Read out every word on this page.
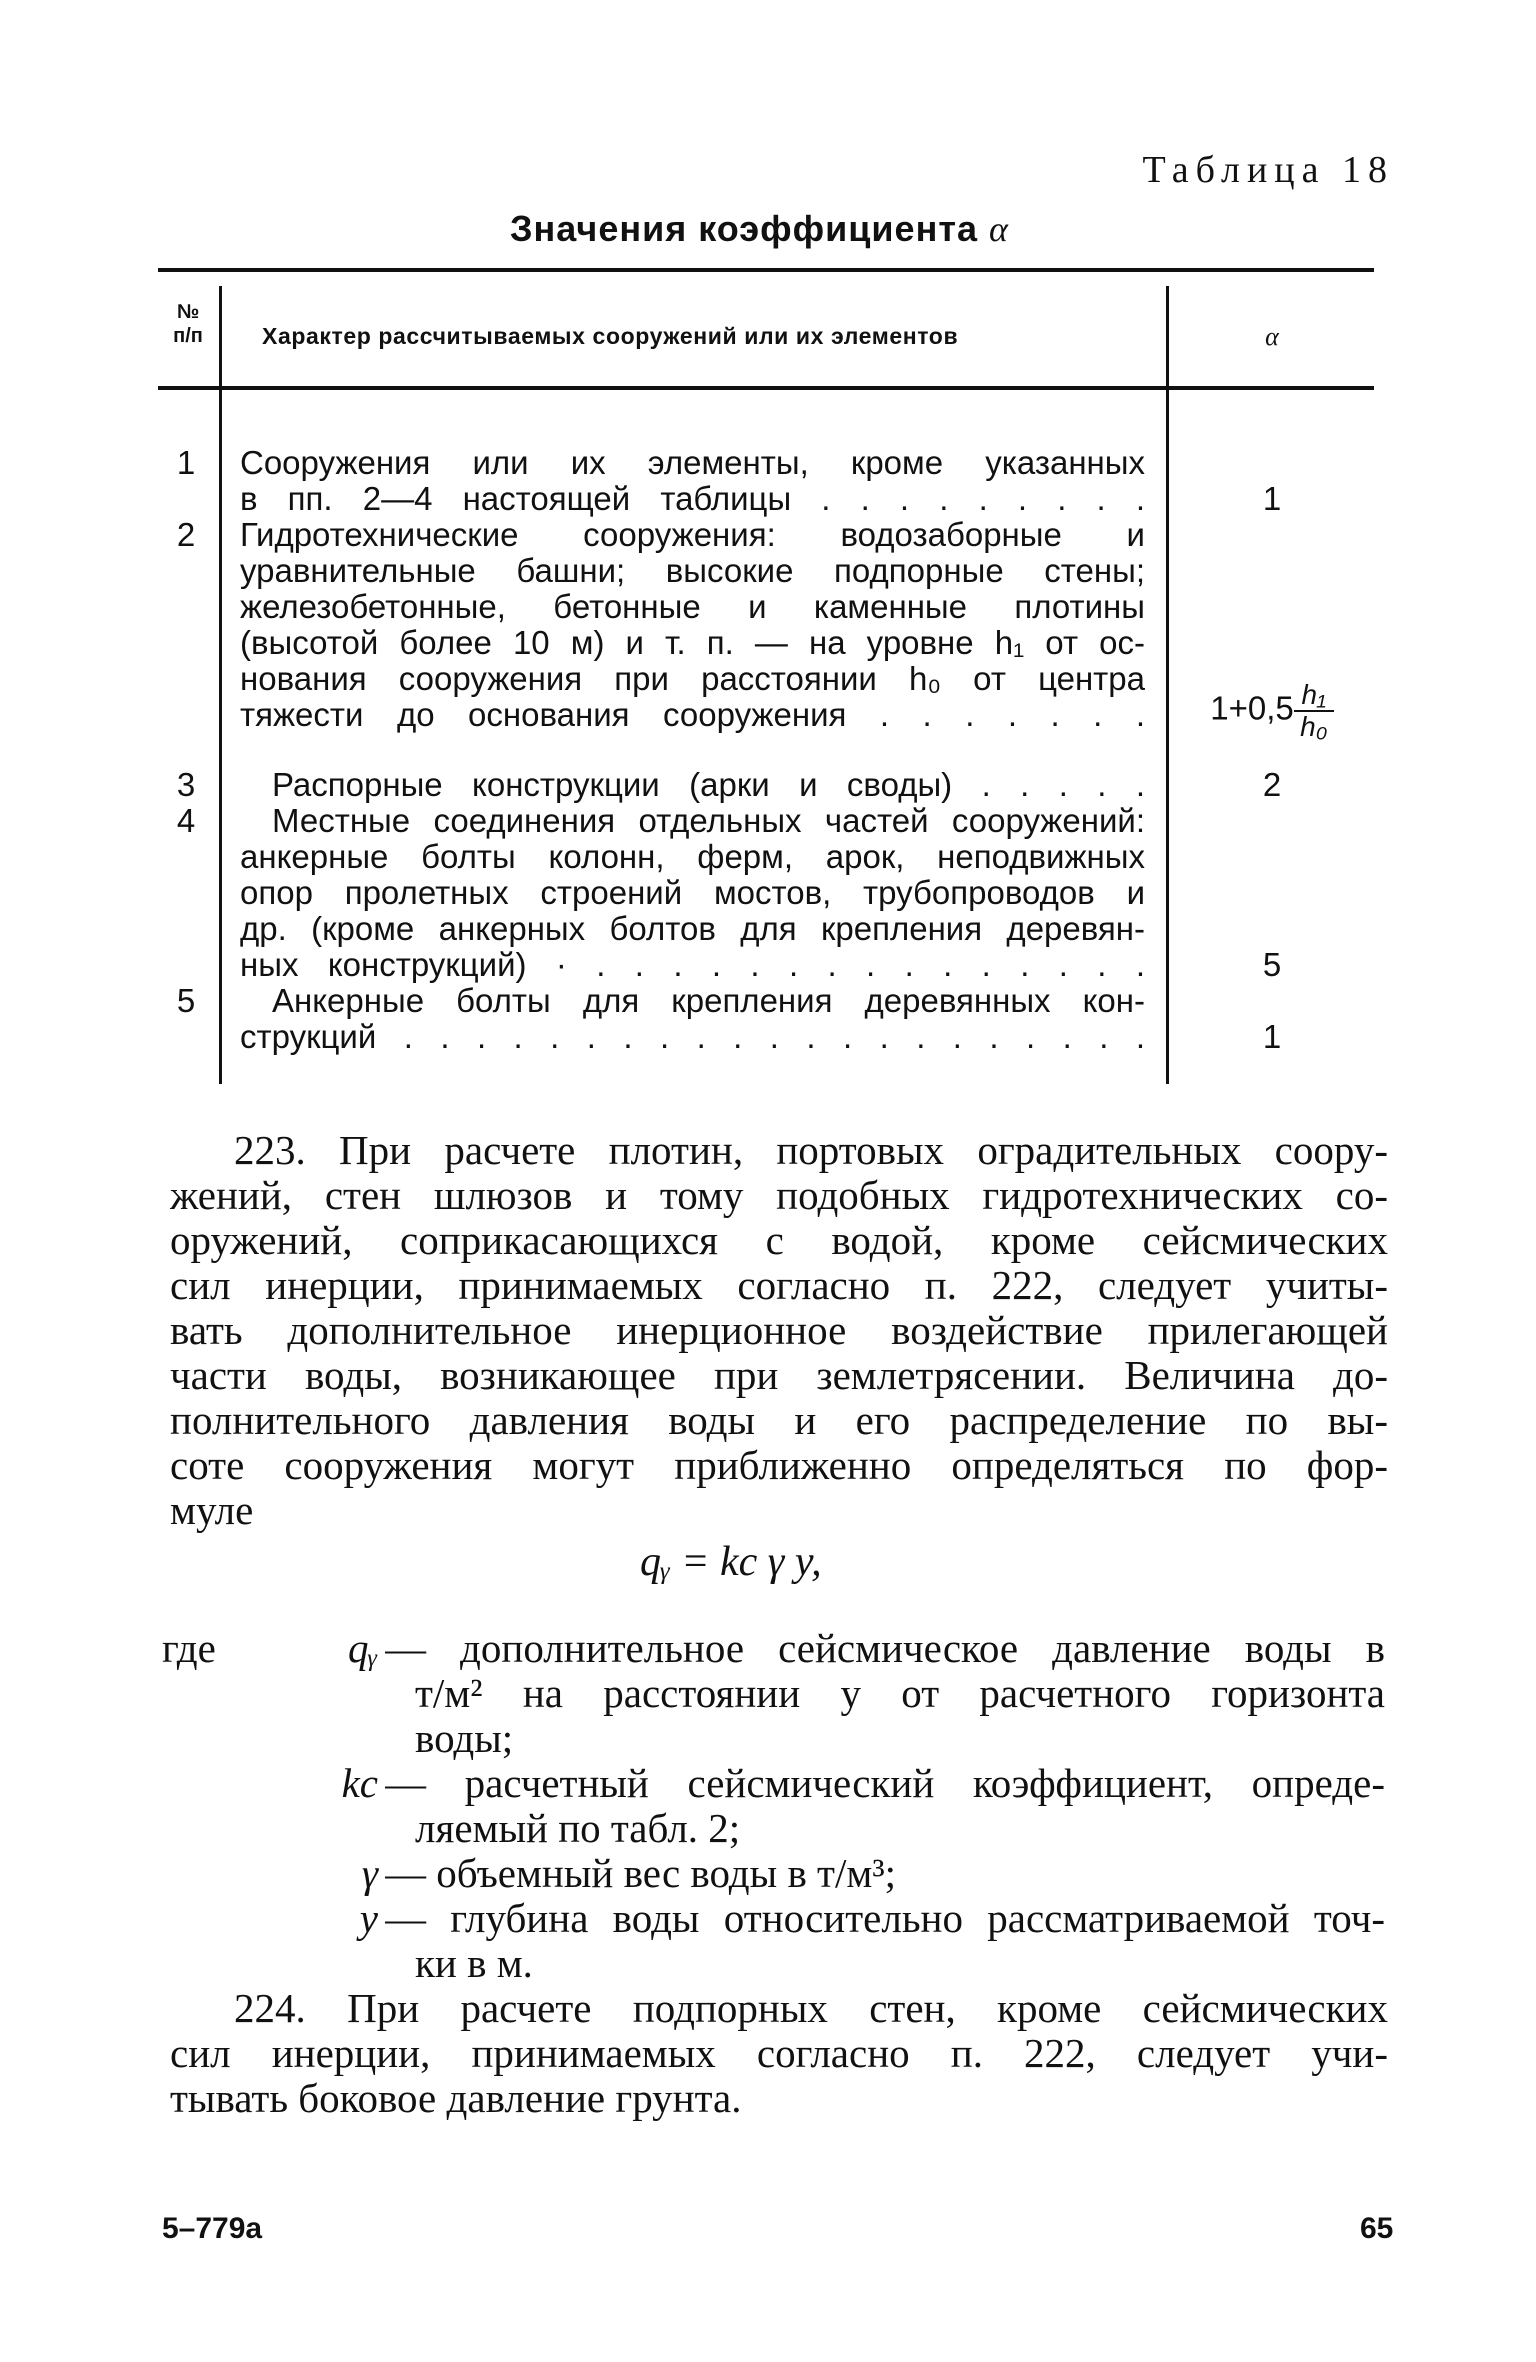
Таблица 18
Значения коэффициента α
№
п/п	Характер рассчитываемых сооружений или их элементов	α
1	Сооружения или их элементы, кроме указанных
в пп. 2—4 настоящей таблицы . . . . . . . . .	1
2	Гидротехнические сооружения: водозаборные и
уравнительные башни; высокие подпорные стены;
железобетонные, бетонные и каменные плотины
(высотой более 10 м) и т. п. — на уровне h₁ от ос-
нования сооружения при расстоянии h₀ от центра
тяжести до основания сооружения . . . . . . .	$1+0,5 \frac{\text{h₁}}{\text{h₀}}$
3	Распорные конструкции (арки и своды) . . . . .	2
4	Местные соединения отдельных частей сооружений:
анкерные болты колонн, ферм, арок, неподвижных
опор пролетных строений мостов, трубопроводов и
др. (кроме анкерных болтов для крепления деревян-
ных конструкций) · . . . . . . . . . . . . . . .	5
5	Анкерные болты для крепления деревянных кон-
струкций . . . . . . . . . . . . . . . . . . . . .	1
223. При расчете плотин, портовых оградительных соору-
жений, стен шлюзов и тому подобных гидротехнических со-
оружений, соприкасающихся с водой, кроме сейсмических
сил инерции, принимаемых согласно п. 222, следует учиты-
вать дополнительное инерционное воздействие прилегающей
части воды, возникающее при землетрясении. Величина до-
полнительного давления воды и его распределение по вы-
соте сооружения могут приближенно определяться по фор-
муле
qᵧ = kс γ y,
где	qᵧ — дополнительное сейсмическое давление воды в
т/м² на расстоянии y от расчетного горизонта
воды;
kс — расчетный сейсмический коэффициент, опреде-
ляемый по табл. 2;
γ — объемный вес воды в т/м³;
y — глубина воды относительно рассматриваемой точ-
ки в м.
224. При расчете подпорных стен, кроме сейсмических
сил инерции, принимаемых согласно п. 222, следует учи-
тывать боковое давление грунта.
5–779а	65
